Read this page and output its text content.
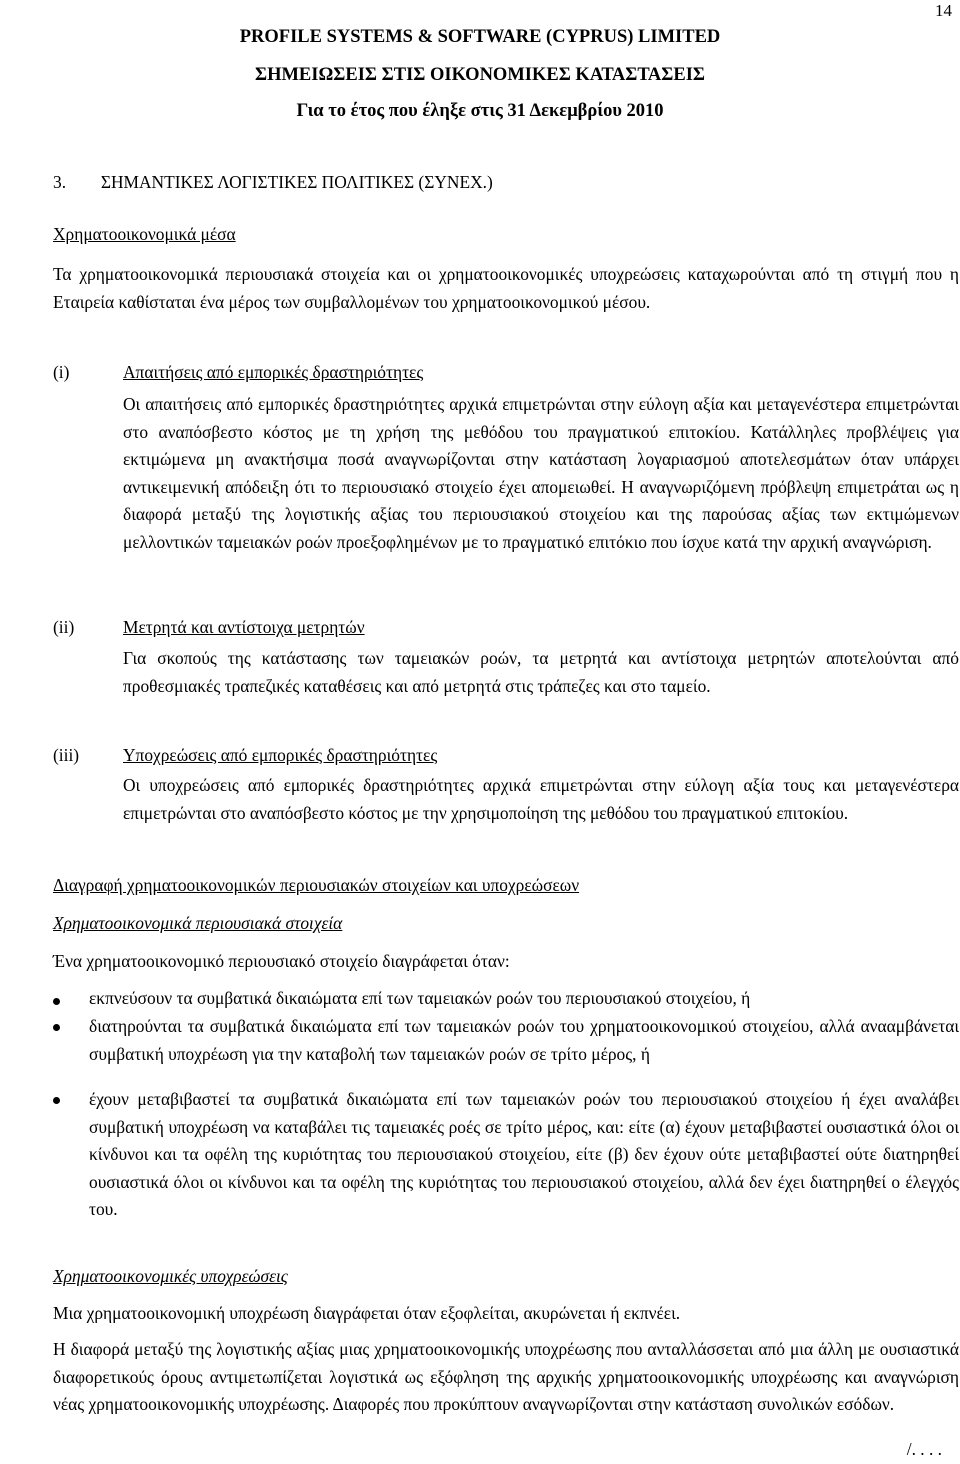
14
PROFILE SYSTEMS & SOFTWARE (CYPRUS) LIMITED
ΣΗΜΕΙΩΣΕΙΣ ΣΤΙΣ ΟΙΚΟΝΟΜΙΚΕΣ ΚΑΤΑΣΤΑΣΕΙΣ
Για το έτος που έληξε στις 31 Δεκεμβρίου 2010
3.        ΣΗΜΑΝΤΙΚΕΣ ΛΟΓΙΣΤΙΚΕΣ ΠΟΛΙΤΙΚΕΣ (ΣΥΝΕΧ.)
Χρηματοοικονομικά μέσα

Τα χρηματοοικονομικά περιουσιακά στοιχεία και οι χρηματοοικονομικές υποχρεώσεις καταχωρούνται από τη στιγμή που η Εταιρεία καθίσταται ένα μέρος των συμβαλλομένων του χρηματοοικονομικού μέσου.

(i)	Απαιτήσεις από εμπορικές δραστηριότητες

Οι απαιτήσεις από εμπορικές δραστηριότητες αρχικά επιμετρώνται στην εύλογη αξία και μεταγενέστερα επιμετρώνται στο αναπόσβεστο κόστος με τη χρήση της μεθόδου του πραγματικού επιτοκίου. Κατάλληλες προβλέψεις για εκτιμώμενα μη ανακτήσιμα ποσά αναγνωρίζονται στην κατάσταση λογαριασμού αποτελεσμάτων όταν υπάρχει αντικειμενική απόδειξη ότι το περιουσιακό στοιχείο έχει απομειωθεί. Η αναγνωριζόμενη πρόβλεψη επιμετράται ως η διαφορά μεταξύ της λογιστικής αξίας του περιουσιακού στοιχείου και της παρούσας αξίας των εκτιμώμενων μελλοντικών ταμειακών ροών προεξοφλημένων με το πραγματικό επιτόκιο που ίσχυε κατά την αρχική αναγνώριση.

(ii)	Μετρητά και αντίστοιχα μετρητών

Για σκοπούς της κατάστασης των ταμειακών ροών, τα μετρητά και αντίστοιχα μετρητών αποτελούνται από προθεσμιακές τραπεζικές καταθέσεις και από μετρητά στις τράπεζες και στο ταμείο.

(iii)	Υποχρεώσεις από εμπορικές δραστηριότητες

Οι υποχρεώσεις από εμπορικές δραστηριότητες αρχικά επιμετρώνται στην εύλογη αξία τους και μεταγενέστερα επιμετρώνται στο αναπόσβεστο κόστος με την χρησιμοποίηση της μεθόδου του πραγματικού επιτοκίου.

Διαγραφή χρηματοοικονομικών περιουσιακών στοιχείων και υποχρεώσεων
Χρηματοοικονομικά περιουσιακά στοιχεία
Ένα χρηματοοικονομικό περιουσιακό στοιχείο διαγράφεται όταν:

εκπνεύσουν τα συμβατικά δικαιώματα επί των ταμειακών ροών του περιουσιακού στοιχείου, ή

διατηρούνται τα συμβατικά δικαιώματα επί των ταμειακών ροών του χρηματοοικονομικού στοιχείου, αλλά ανααμβάνεται συμβατική υποχρέωση για την καταβολή των ταμειακών ροών σε τρίτο μέρος, ή

έχουν μεταβιβαστεί τα συμβατικά δικαιώματα επί των ταμειακών ροών του περιουσιακού στοιχείου ή έχει αναλάβει συμβατική υποχρέωση να καταβάλει τις ταμειακές ροές σε τρίτο μέρος, και: είτε (α) έχουν μεταβιβαστεί ουσιαστικά όλοι οι κίνδυνοι και τα οφέλη της κυριότητας του περιουσιακού στοιχείου, είτε (β) δεν έχουν ούτε μεταβιβαστεί ούτε διατηρηθεί ουσιαστικά όλοι οι κίνδυνοι και τα οφέλη της κυριότητας του περιουσιακού στοιχείου, αλλά δεν έχει διατηρηθεί ο έλεγχός του.

Χρηματοοικονομικές υποχρεώσεις

Μια χρηματοοικονομική υποχρέωση διαγράφεται όταν εξοφλείται, ακυρώνεται ή εκπνέει.

Η διαφορά μεταξύ της λογιστικής αξίας μιας χρηματοοικονομικής υποχρέωσης που ανταλλάσσεται από μια άλλη με ουσιαστικά διαφορετικούς όρους αντιμετωπίζεται λογιστικά ως εξόφληση της αρχικής χρηματοοικονομικής υποχρέωσης και αναγνώριση νέας χρηματοοικονομικής υποχρέωσης. Διαφορές που προκύπτουν αναγνωρίζονται στην κατάσταση συνολικών εσόδων.

/. . . .
